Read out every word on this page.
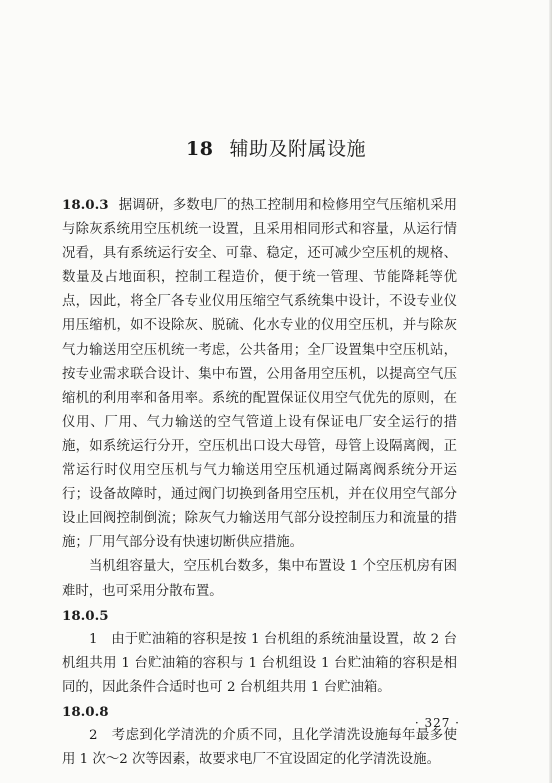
18 辅助及附属设施

18.0.3 据调研，多数电厂的热工控制用和检修用空气压缩机采用与除灰系统用空压机统一设置，且采用相同形式和容量，从运行情况看，具有系统运行安全、可靠、稳定，还可减少空压机的规格、数量及占地面积，控制工程造价，便于统一管理、节能降耗等优点，因此，将全厂各专业仪用压缩空气系统集中设计，不设专业仪用压缩机，如不设除灰、脱硫、化水专业的仪用空压机，并与除灰气力输送用空压机统一考虑，公共备用；全厂设置集中空压机站，按专业需求联合设计、集中布置，公用备用空压机，以提高空气压缩机的利用率和备用率。系统的配置保证仪用空气优先的原则，在仪用、厂用、气力输送的空气管道上设有保证电厂安全运行的措施，如系统运行分开，空压机出口设大母管，母管上设隔离阀，正常运行时仪用空压机与气力输送用空压机通过隔离阀系统分开运行；设备故障时，通过阀门切换到备用空压机，并在仪用空气部分设止回阀控制倒流；除灰气力输送用气部分设控制压力和流量的措施；厂用气部分设有快速切断供应措施。

当机组容量大，空压机台数多，集中布置设 1 个空压机房有困难时，也可采用分散布置。

18.0.5

1　由于贮油箱的容积是按 1 台机组的系统油量设置，故 2 台机组共用 1 台贮油箱的容积与 1 台机组设 1 台贮油箱的容积是相同的，因此条件合适时也可 2 台机组共用 1 台贮油箱。

18.0.8

2　考虑到化学清洗的介质不同，且化学清洗设施每年最多使用 1 次～2 次等因素，故要求电厂不宜设固定的化学清洗设施。

· 327 ·
